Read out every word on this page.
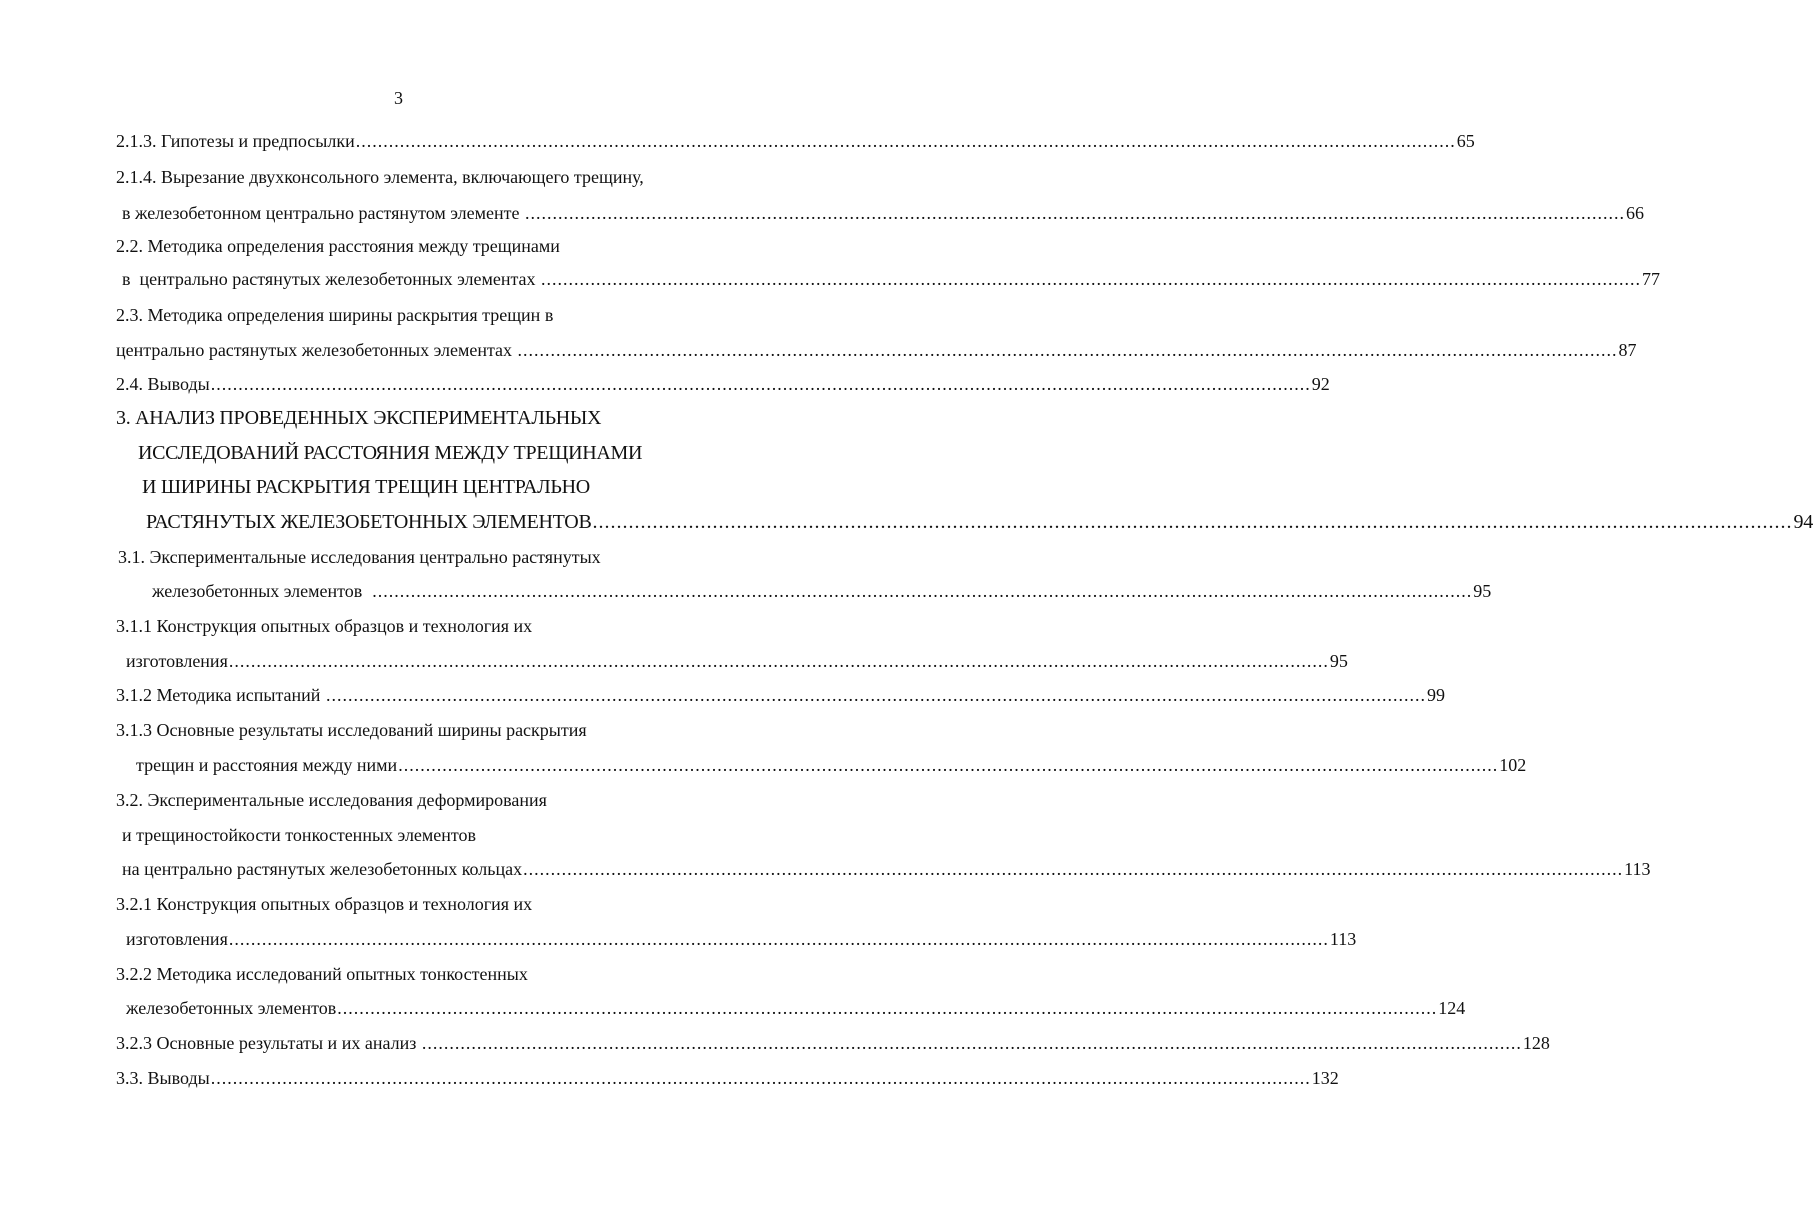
3
2.1.3. Гипотезы и предпосылки ........................................................................................................................................................................................................ 65
2.1.4. Вырезание двухконсольного элемента, включающего трещину,
в железобетонном центрально растянутом элементе ........................................................................................................................................................................................................ 66
2.2. Методика определения расстояния между трещинами
в  центрально растянутых железобетонных элементах ........................................................................................................................................................................................................ 77
2.3. Методика определения ширины раскрытия трещин в
центрально растянутых железобетонных элементах ........................................................................................................................................................................................................ 87
2.4. Выводы ........................................................................................................................................................................................................ 92
3. АНАЛИЗ ПРОВЕДЕННЫХ ЭКСПЕРИМЕНТАЛЬНЫХ
ИССЛЕДОВАНИЙ РАССТОЯНИЯ МЕЖДУ ТРЕЩИНАМИ
И ШИРИНЫ РАСКРЫТИЯ ТРЕЩИН ЦЕНТРАЛЬНО
РАСТЯНУТЫХ ЖЕЛЕЗОБЕТОННЫХ ЭЛЕМЕНТОВ ........................................................................................................................................................................................................ 94
3.1. Экспериментальные исследования центрально растянутых
железобетонных элементов ........................................................................................................................................................................................................ 95
3.1.1 Конструкция опытных образцов и технология их
изготовления ........................................................................................................................................................................................................ 95
3.1.2 Методика испытаний ........................................................................................................................................................................................................ 99
3.1.3 Основные результаты исследований ширины раскрытия
трещин и расстояния между ними ........................................................................................................................................................................................................ 102
3.2. Экспериментальные исследования деформирования
и трещиностойкости тонкостенных элементов
на центрально растянутых железобетонных кольцах ........................................................................................................................................................................................................ 113
3.2.1 Конструкция опытных образцов и технология их
изготовления ........................................................................................................................................................................................................ 113
3.2.2 Методика исследований опытных тонкостенных
железобетонных элементов ........................................................................................................................................................................................................ 124
3.2.3 Основные результаты и их анализ ........................................................................................................................................................................................................ 128
3.3. Выводы ........................................................................................................................................................................................................ 132
